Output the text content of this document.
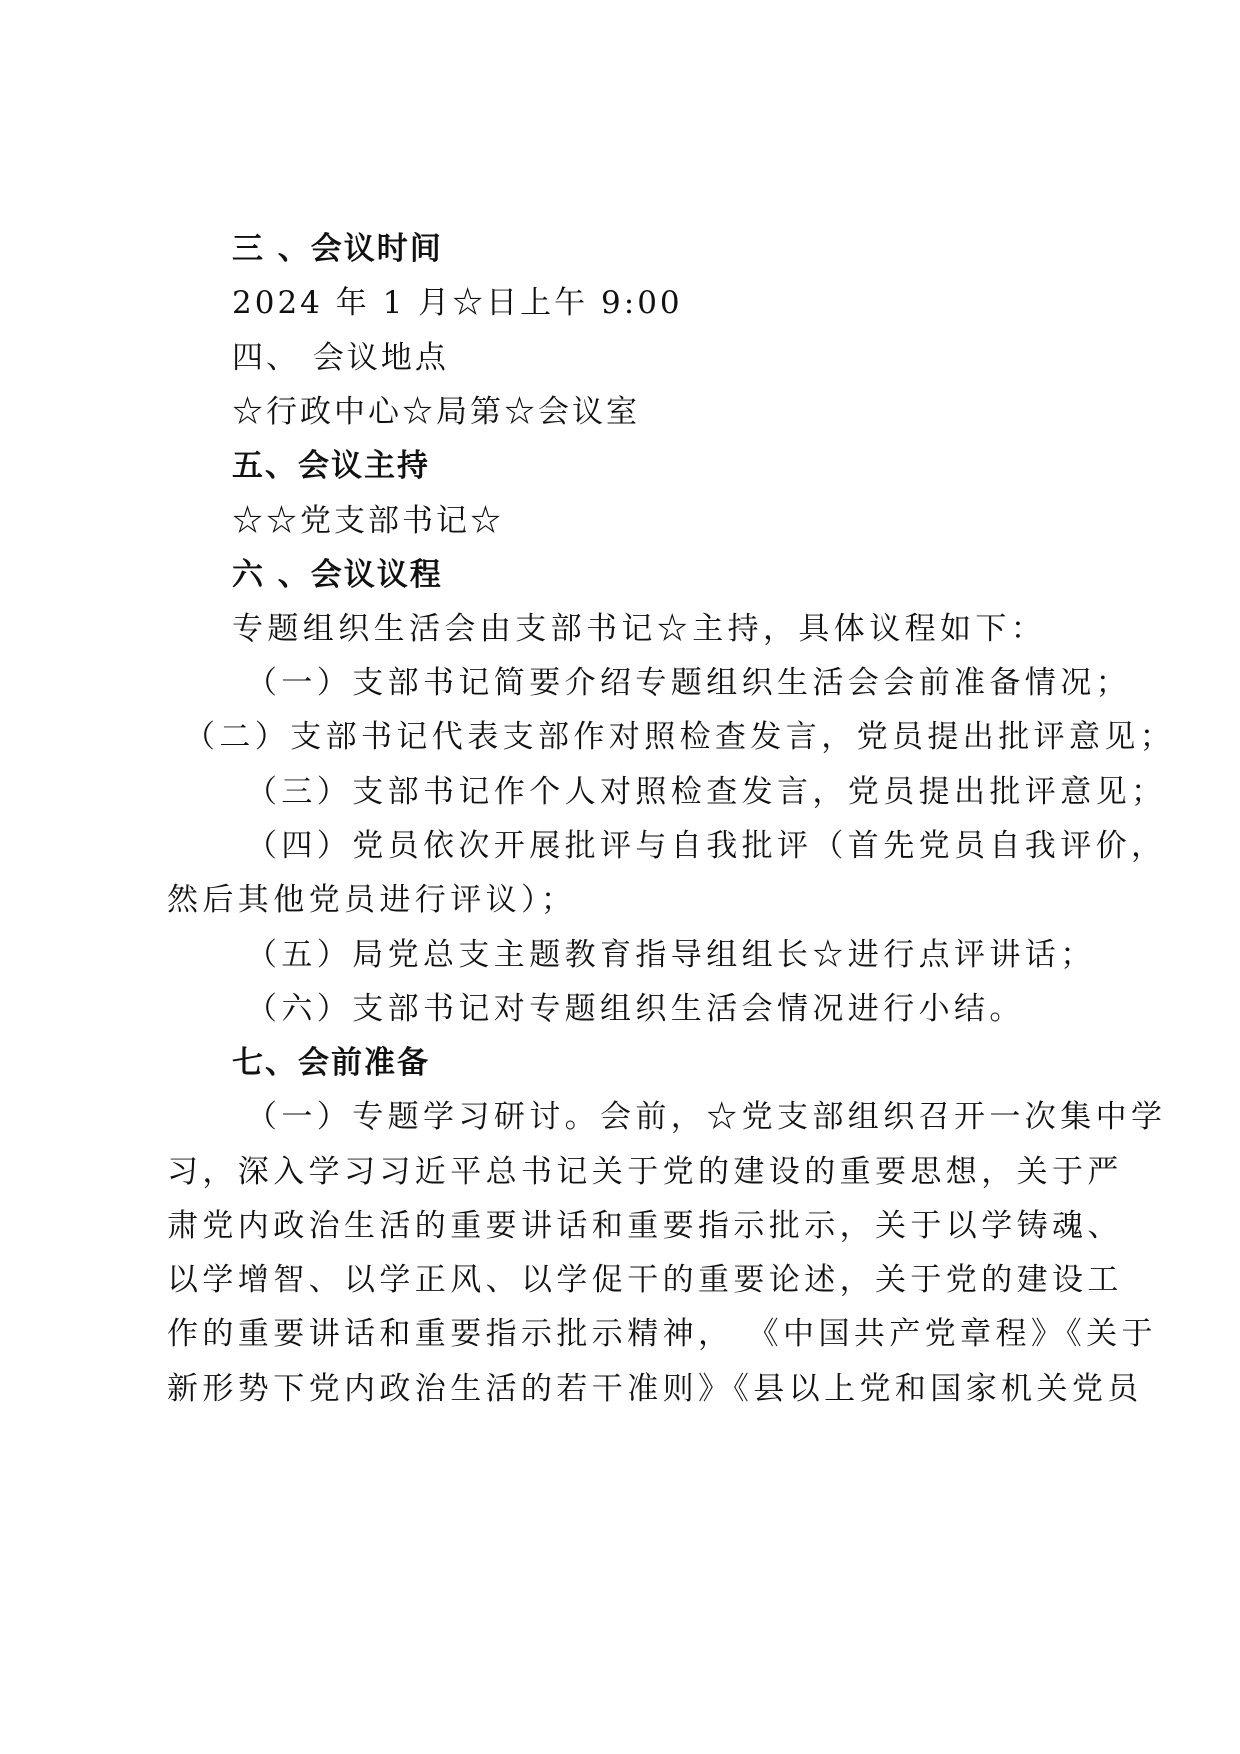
三 、会议时间
2024 年 1 月☆日上午 9:00
四、 会议地点
☆行政中心☆局第☆会议室
五、会议主持
☆☆党支部书记☆
六 、会议议程
专题组织生活会由支部书记☆主持，具体议程如下：
（一）支部书记简要介绍专题组织生活会会前准备情况；
（二）支部书记代表支部作对照检查发言，党员提出批评意见；
（三）支部书记作个人对照检查发言，党员提出批评意见；
（四）党员依次开展批评与自我批评（首先党员自我评价，
然后其他党员进行评议）；
（五）局党总支主题教育指导组组长☆进行点评讲话；
（六）支部书记对专题组织生活会情况进行小结。
七、会前准备
（一）专题学习研讨。会前，☆党支部组织召开一次集中学
习，深入学习习近平总书记关于党的建设的重要思想，关于严
肃党内政治生活的重要讲话和重要指示批示，关于以学铸魂、
以学增智、以学正风、以学促干的重要论述，关于党的建设工
作的重要讲话和重要指示批示精神， 《中国共产党章程》《关于
新形势下党内政治生活的若干准则》《县以上党和国家机关党员
